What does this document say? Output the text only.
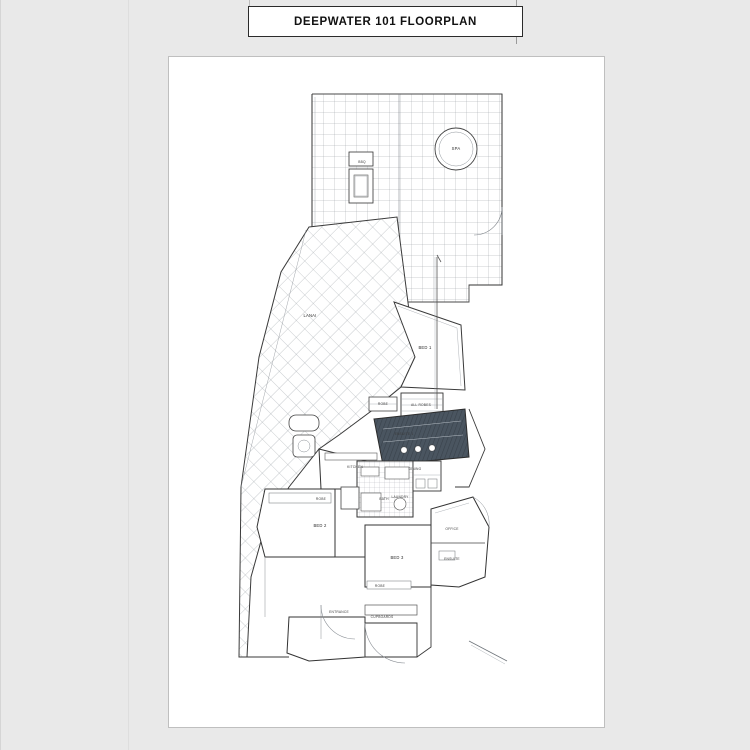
DEEPWATER 101 FLOORPLAN
SPA
BBQ
LANAI
BED 1
ROBE	ALL ROBES
ENSUITE 1
KITCHEN	DINING
LAUNDRY
ROBE	BATH
BED 2
OFFICE
BED 3	ENSUITE
ROBE
ENTRANCE
CUPBOARDS
